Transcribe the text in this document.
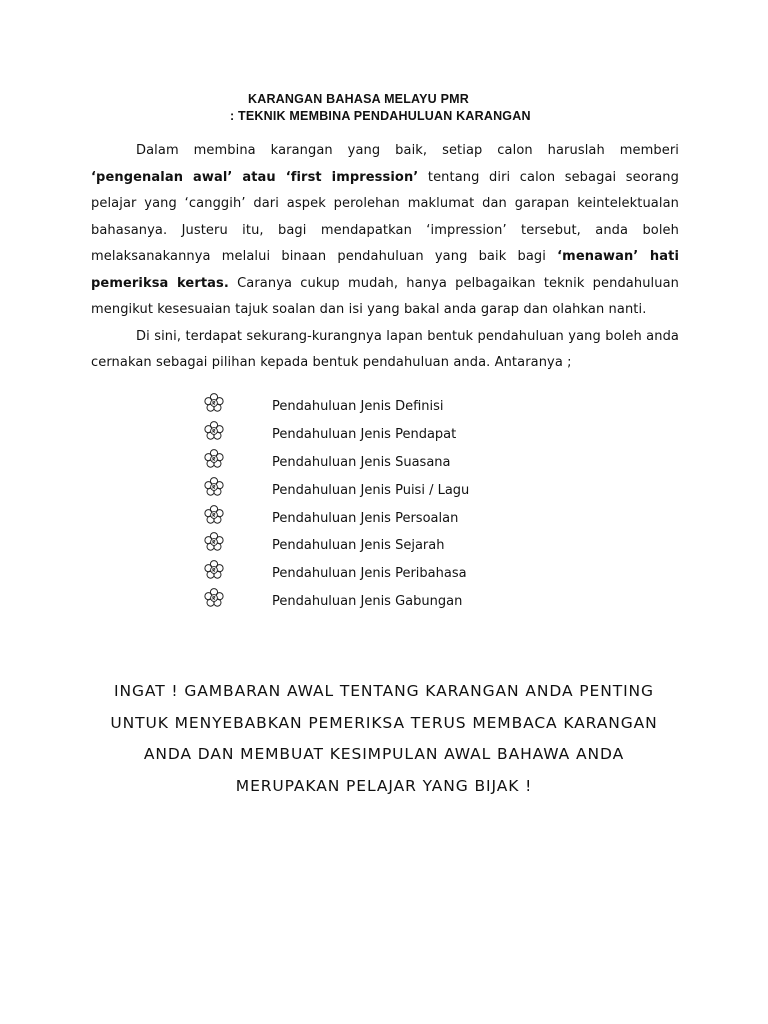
KARANGAN BAHASA MELAYU PMR
: TEKNIK MEMBINA PENDAHULUAN KARANGAN

Dalam membina karangan yang baik, setiap calon haruslah memberi ‘pengenalan awal’ atau ‘first impression’ tentang diri calon sebagai seorang pelajar yang ‘canggih’ dari aspek perolehan maklumat dan garapan keintelektualan bahasanya. Justeru itu, bagi mendapatkan ‘impression’ tersebut, anda boleh melaksanakannya melalui binaan pendahuluan yang baik bagi ‘menawan’ hati pemeriksa kertas. Caranya cukup mudah, hanya pelbagaikan teknik pendahuluan mengikut kesesuaian tajuk soalan dan isi yang bakal anda garap dan olahkan nanti.

Di sini, terdapat sekurang-kurangnya lapan bentuk pendahuluan yang boleh anda cernakan sebagai pilihan kepada bentuk pendahuluan anda. Antaranya ;

Pendahuluan Jenis Definisi
Pendahuluan Jenis Pendapat
Pendahuluan Jenis Suasana
Pendahuluan Jenis Puisi / Lagu
Pendahuluan Jenis Persoalan
Pendahuluan Jenis Sejarah
Pendahuluan Jenis Peribahasa
Pendahuluan Jenis Gabungan
INGAT ! GAMBARAN AWAL TENTANG KARANGAN ANDA PENTING
UNTUK MENYEBABKAN PEMERIKSA TERUS MEMBACA KARANGAN
ANDA DAN MEMBUAT KESIMPULAN AWAL BAHAWA ANDA
MERUPAKAN PELAJAR YANG BIJAK !
